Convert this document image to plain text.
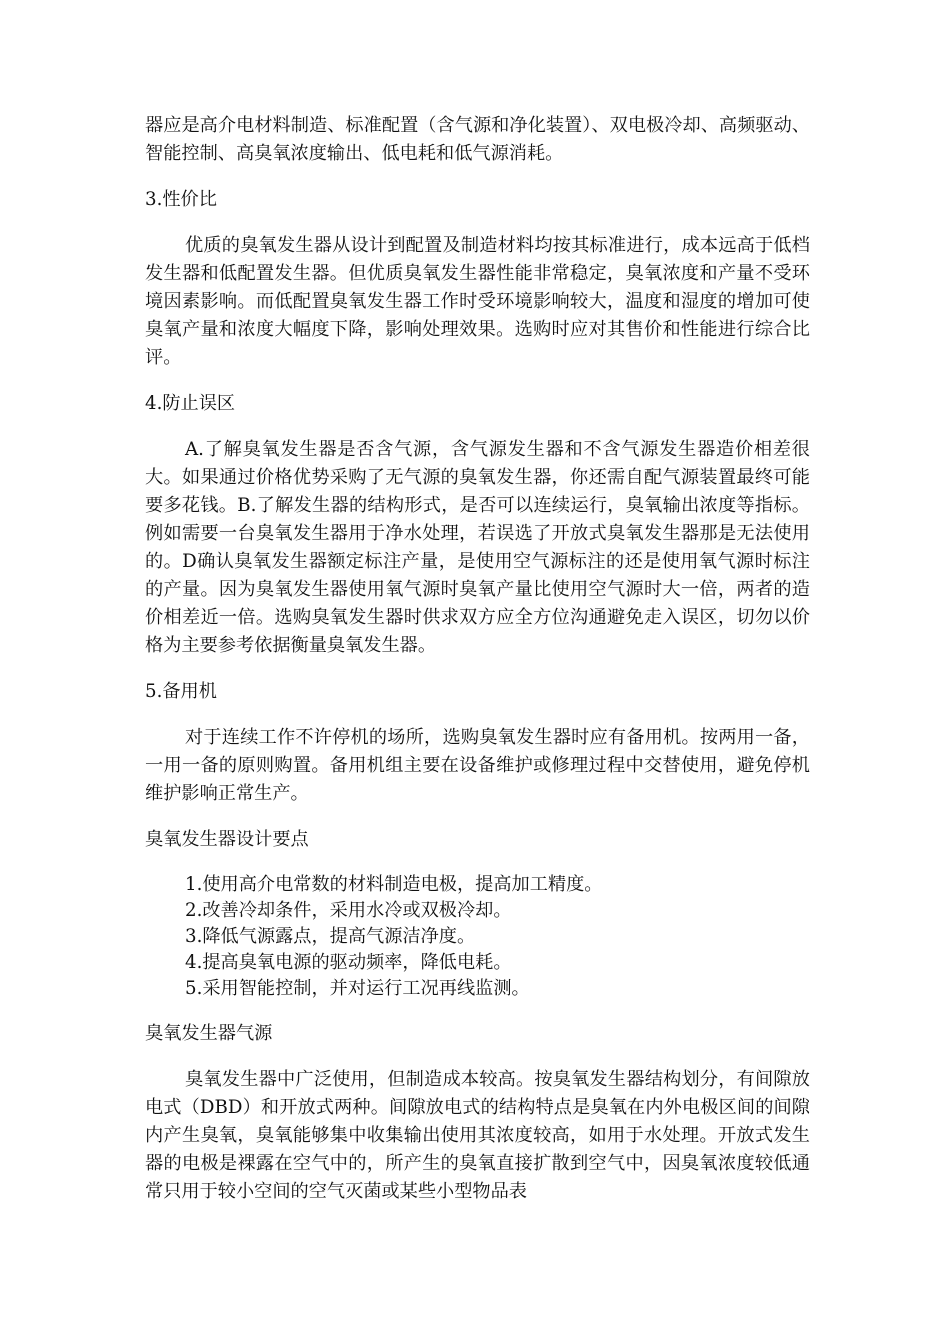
器应是高介电材料制造、标准配置（含气源和净化装置）、双电极冷却、高频驱动、智能控制、高臭氧浓度输出、低电耗和低气源消耗。

3.性价比

优质的臭氧发生器从设计到配置及制造材料均按其标准进行，成本远高于低档发生器和低配置发生器。但优质臭氧发生器性能非常稳定，臭氧浓度和产量不受环境因素影响。而低配置臭氧发生器工作时受环境影响较大，温度和湿度的增加可使臭氧产量和浓度大幅度下降，影响处理效果。选购时应对其售价和性能进行综合比评。

4.防止误区

A.了解臭氧发生器是否含气源，含气源发生器和不含气源发生器造价相差很大。如果通过价格优势采购了无气源的臭氧发生器，你还需自配气源装置最终可能要多花钱。B.了解发生器的结构形式，是否可以连续运行，臭氧输出浓度等指标。例如需要一台臭氧发生器用于净水处理，若误选了开放式臭氧发生器那是无法使用的。D确认臭氧发生器额定标注产量，是使用空气源标注的还是使用氧气源时标注的产量。因为臭氧发生器使用氧气源时臭氧产量比使用空气源时大一倍，两者的造价相差近一倍。选购臭氧发生器时供求双方应全方位沟通避免走入误区，切勿以价格为主要参考依据衡量臭氧发生器。

5.备用机

对于连续工作不许停机的场所，选购臭氧发生器时应有备用机。按两用一备，一用一备的原则购置。备用机组主要在设备维护或修理过程中交替使用，避免停机维护影响正常生产。

臭氧发生器设计要点

1.使用高介电常数的材料制造电极，提高加工精度。
2.改善冷却条件，采用水冷或双极冷却。
3.降低气源露点，提高气源洁净度。
4.提高臭氧电源的驱动频率，降低电耗。
5.采用智能控制，并对运行工况再线监测。

臭氧发生器气源

臭氧发生器中广泛使用，但制造成本较高。按臭氧发生器结构划分，有间隙放电式（DBD）和开放式两种。间隙放电式的结构特点是臭氧在内外电极区间的间隙内产生臭氧，臭氧能够集中收集输出使用其浓度较高，如用于水处理。开放式发生器的电极是裸露在空气中的，所产生的臭氧直接扩散到空气中，因臭氧浓度较低通常只用于较小空间的空气灭菌或某些小型物品表
